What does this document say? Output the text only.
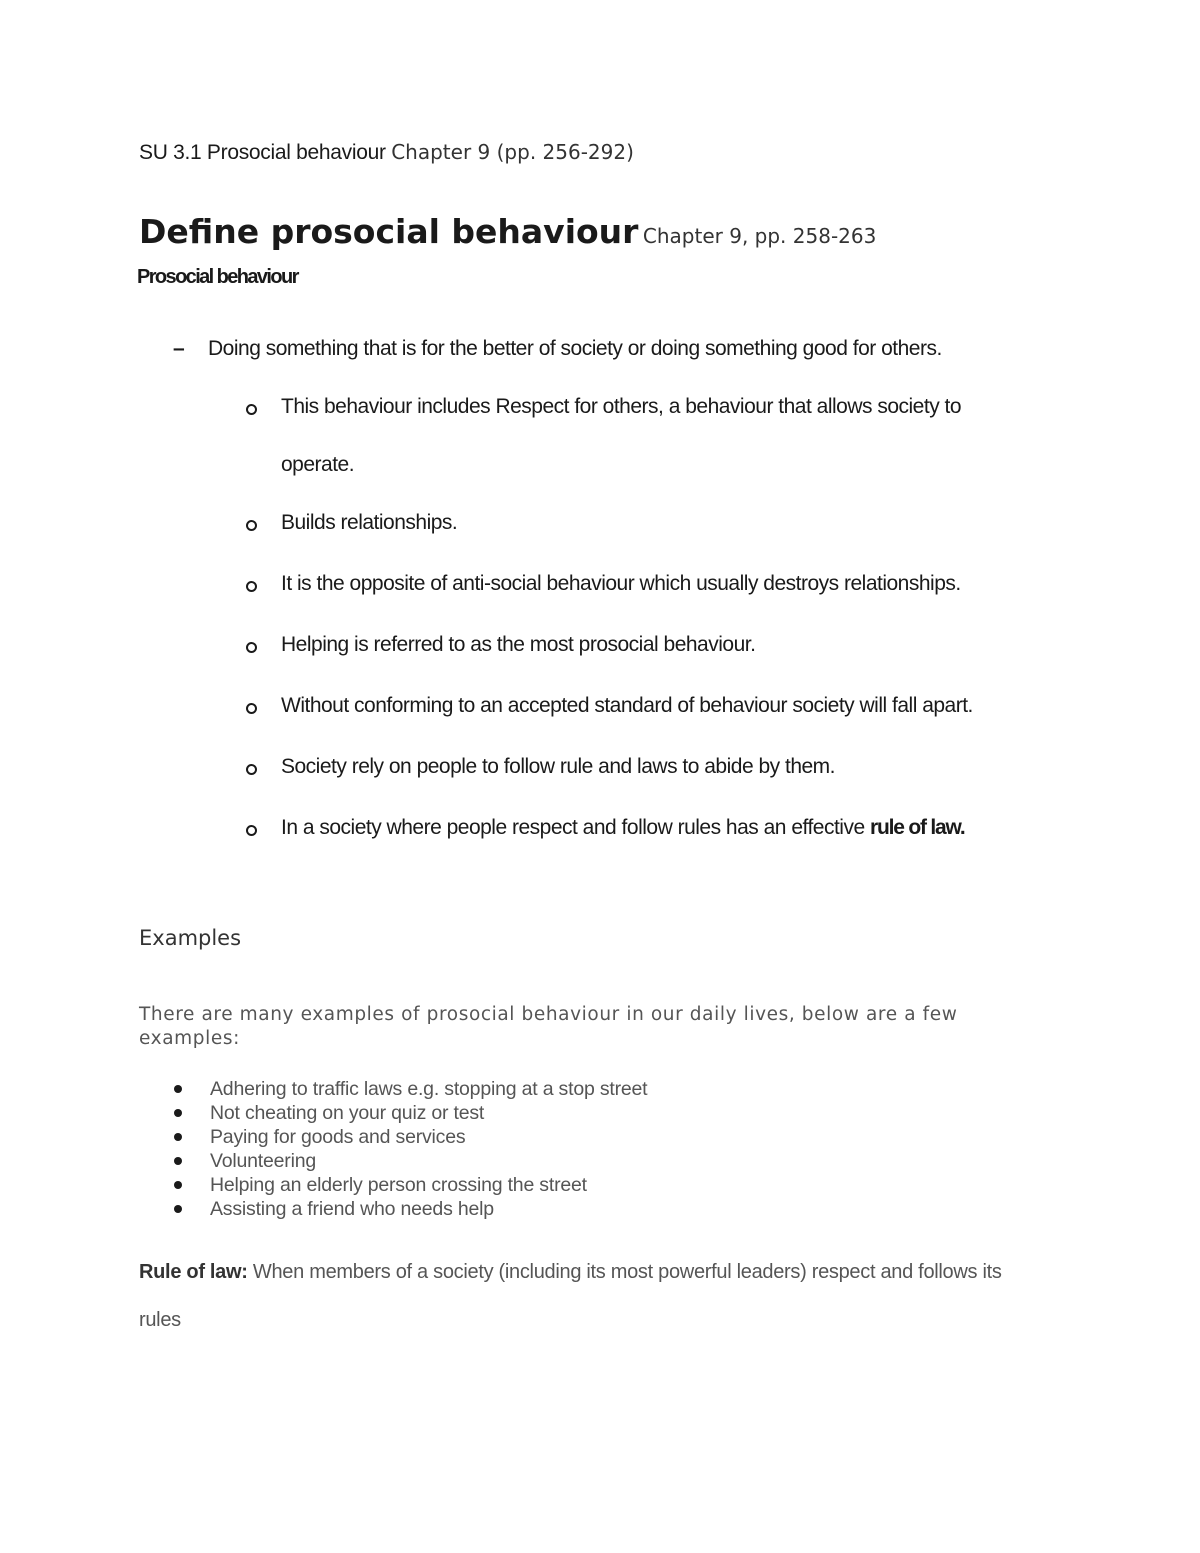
SU 3.1 Prosocial behaviour Chapter 9 (pp. 256-292)
Define prosocial behaviour Chapter 9, pp. 258-263
Prosocial behaviour
– Doing something that is for the better of society or doing something good for others.
This behaviour includes Respect for others, a behaviour that allows society to
operate.
Builds relationships.
It is the opposite of anti-social behaviour which usually destroys relationships.
Helping is referred to as the most prosocial behaviour.
Without conforming to an accepted standard of behaviour society will fall apart.
Society rely on people to follow rule and laws to abide by them.
In a society where people respect and follow rules has an effective rule of law.
Examples
There are many examples of prosocial behaviour in our daily lives, below are a few examples:
Adhering to traffic laws e.g. stopping at a stop street
Not cheating on your quiz or test
Paying for goods and services
Volunteering
Helping an elderly person crossing the street
Assisting a friend who needs help
Rule of law: When members of a society (including its most powerful leaders) respect and follows its rules
